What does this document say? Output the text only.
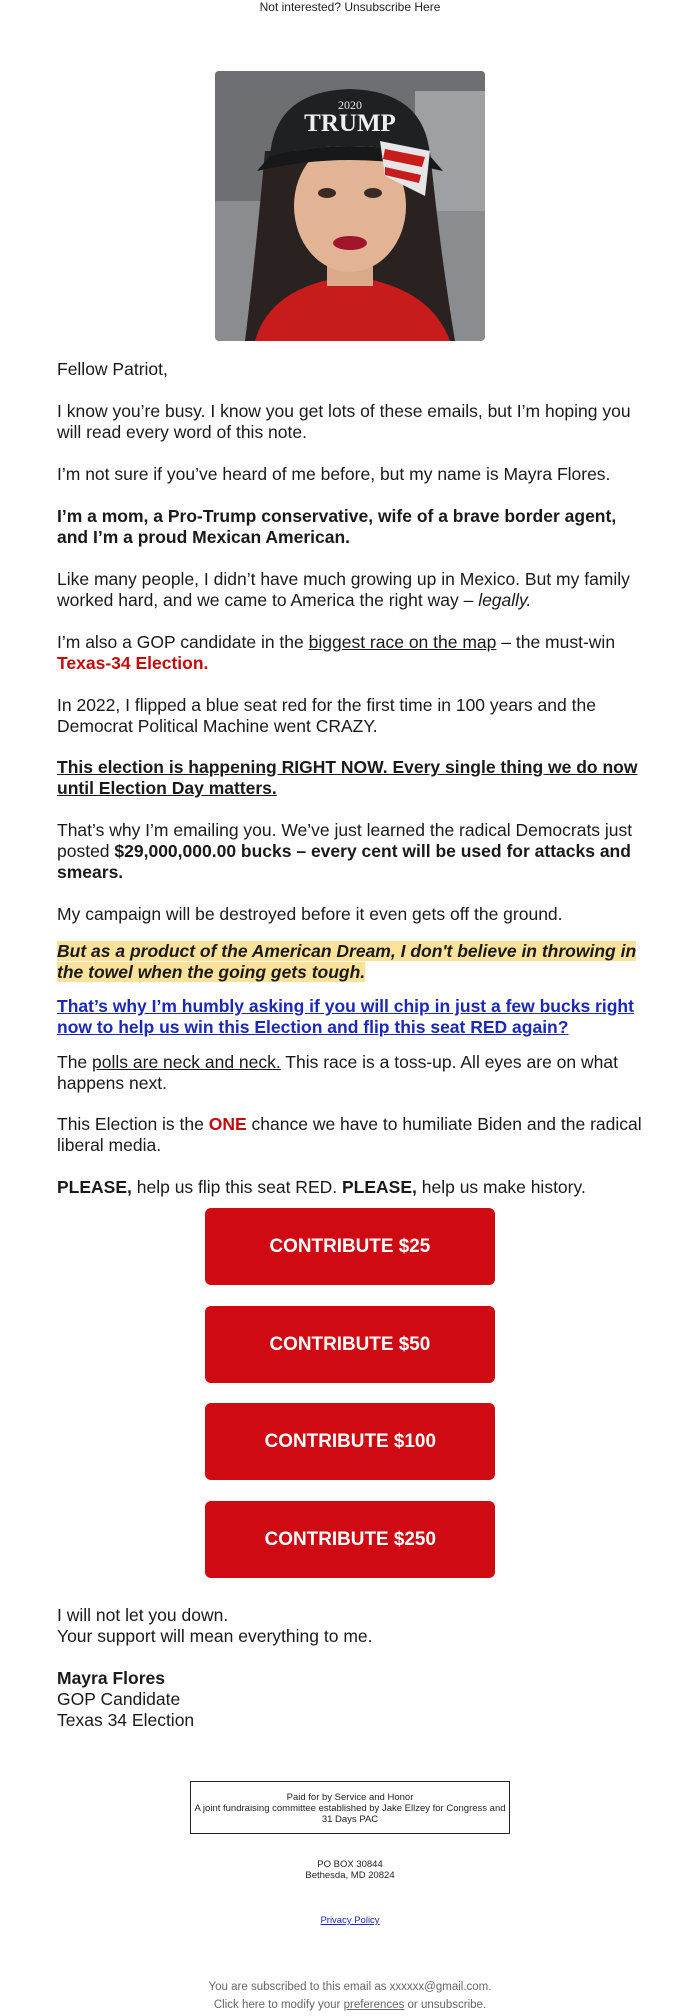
Not interested? Unsubscribe Here
2020
TRUMP
Fellow Patriot,
I know you’re busy. I know you get lots of these emails, but I’m hoping you will read every word of this note.
I’m not sure if you’ve heard of me before, but my name is Mayra Flores.
I’m a mom, a Pro-Trump conservative, wife of a brave border agent, and I’m a proud Mexican American.
Like many people, I didn’t have much growing up in Mexico. But my family worked hard, and we came to America the right way – legally.
I’m also a GOP candidate in the biggest race on the map – the must-win Texas-34 Election.
In 2022, I flipped a blue seat red for the first time in 100 years and the Democrat Political Machine went CRAZY.
This election is happening RIGHT NOW. Every single thing we do now until Election Day matters.
That’s why I’m emailing you. We’ve just learned the radical Democrats just posted $29,000,000.00 bucks – every cent will be used for attacks and smears.
My campaign will be destroyed before it even gets off the ground.
But as a product of the American Dream, I don't believe in throwing in the towel when the going gets tough.
That’s why I’m humbly asking if you will chip in just a few bucks right now to help us win this Election and flip this seat RED again?
The polls are neck and neck. This race is a toss-up. All eyes are on what happens next.
This Election is the ONE chance we have to humiliate Biden and the radical liberal media.
PLEASE, help us flip this seat RED. PLEASE, help us make history.
CONTRIBUTE $25
CONTRIBUTE $50
CONTRIBUTE $100
CONTRIBUTE $250
I will not let you down.
Your support will mean everything to me.
Mayra Flores
GOP Candidate
Texas 34 Election
Paid for by Service and Honor
A joint fundraising committee established by Jake Ellzey for Congress and 31 Days PAC
PO BOX 30844
Bethesda, MD 20824
Privacy Policy
You are subscribed to this email as xxxxxx@gmail.com.
Click here to modify your preferences or unsubscribe.
